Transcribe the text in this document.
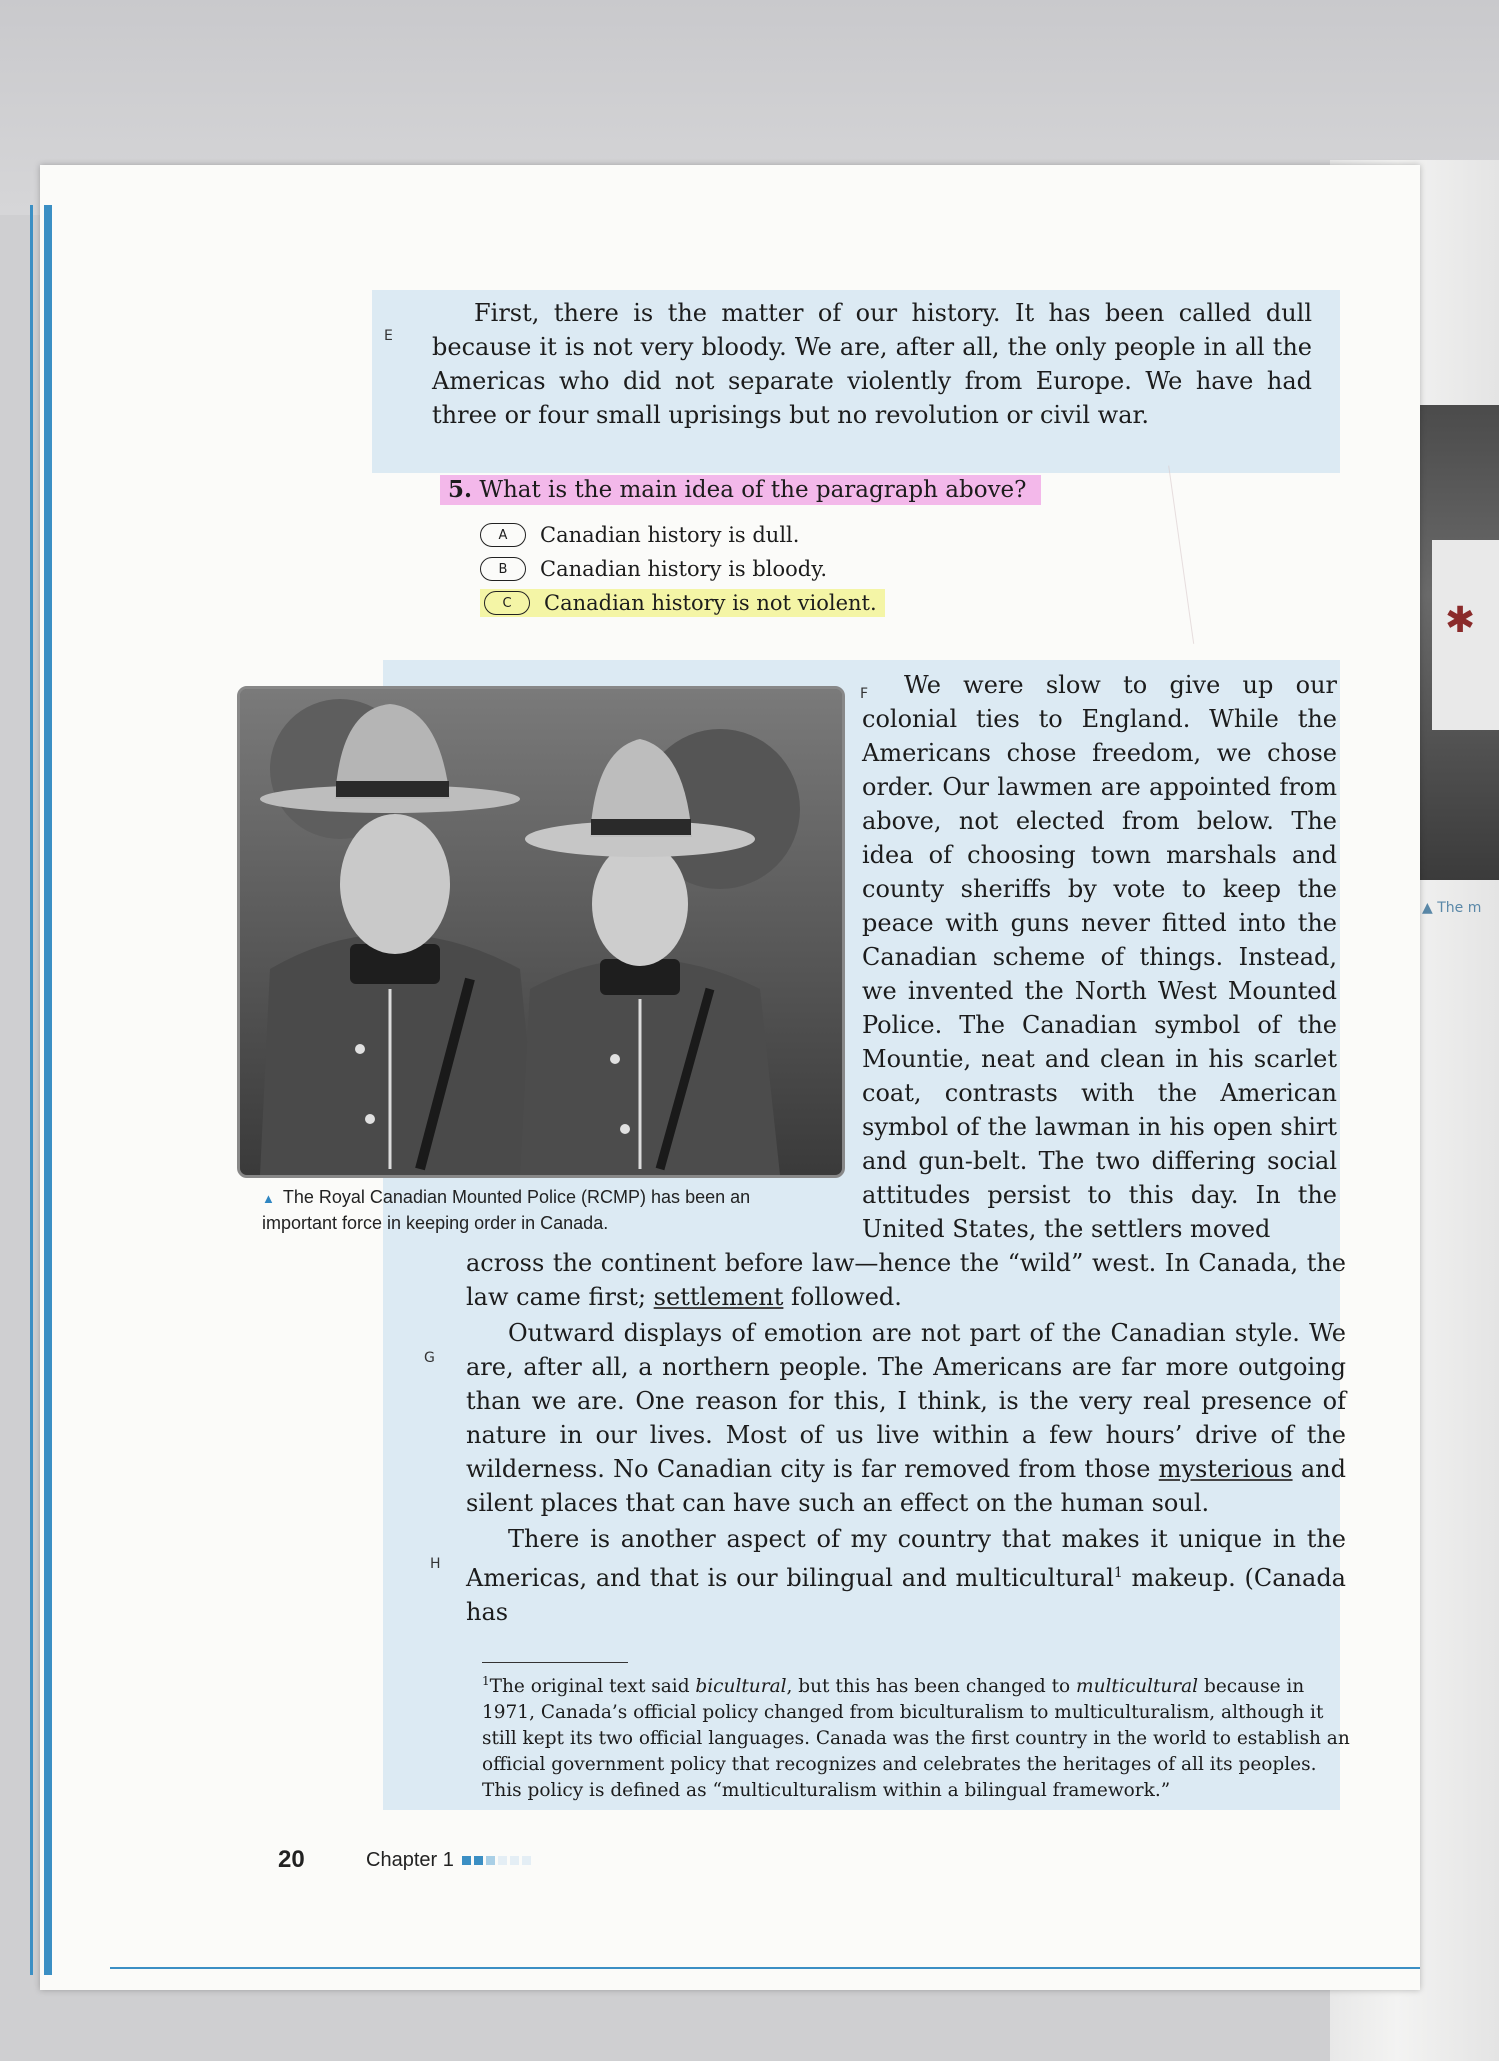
✱
▲ The m
E
First, there is the matter of our history. It has been called dull because it is not very bloody. We are, after all, the only people in all the Americas who did not separate violently from Europe. We have had three or four small uprisings but no revolution or civil war.
5. What is the main idea of the paragraph above?
A	Canadian history is dull.
B	Canadian history is bloody.
C	Canadian history is not violent.
▲ The Royal Canadian Mounted Police (RCMP) has been an important force in keeping order in Canada.
F	We were slow to give up our colonial ties to England. While the Americans chose freedom, we chose order. Our lawmen are appointed from above, not elected from below. The idea of choosing town marshals and county sheriffs by vote to keep the peace with guns never fitted into the Canadian scheme of things. Instead, we invented the North West Mounted Police. The Canadian symbol of the Mountie, neat and clean in his scarlet coat, contrasts with the American symbol of the lawman in his open shirt and gun-belt. The two differing social attitudes persist to this day. In the United States, the settlers moved
across the continent before law—hence the “wild” west. In Canada, the law came first; settlement followed.
G
Outward displays of emotion are not part of the Canadian style. We are, after all, a northern people. The Americans are far more outgoing than we are. One reason for this, I think, is the very real presence of nature in our lives. Most of us live within a few hours’ drive of the wilderness. No Canadian city is far removed from those mysterious and silent places that can have such an effect on the human soul.
H
There is another aspect of my country that makes it unique in the Americas, and that is our bilingual and multicultural$^1$ makeup. (Canada has
$^1$The original text said bicultural, but this has been changed to multicultural because in 1971, Canada’s official policy changed from biculturalism to multiculturalism, although it still kept its two official languages. Canada was the first country in the world to establish an official government policy that recognizes and celebrates the heritages of all its peoples. This policy is defined as “multiculturalism within a bilingual framework.”
20	Chapter 1
